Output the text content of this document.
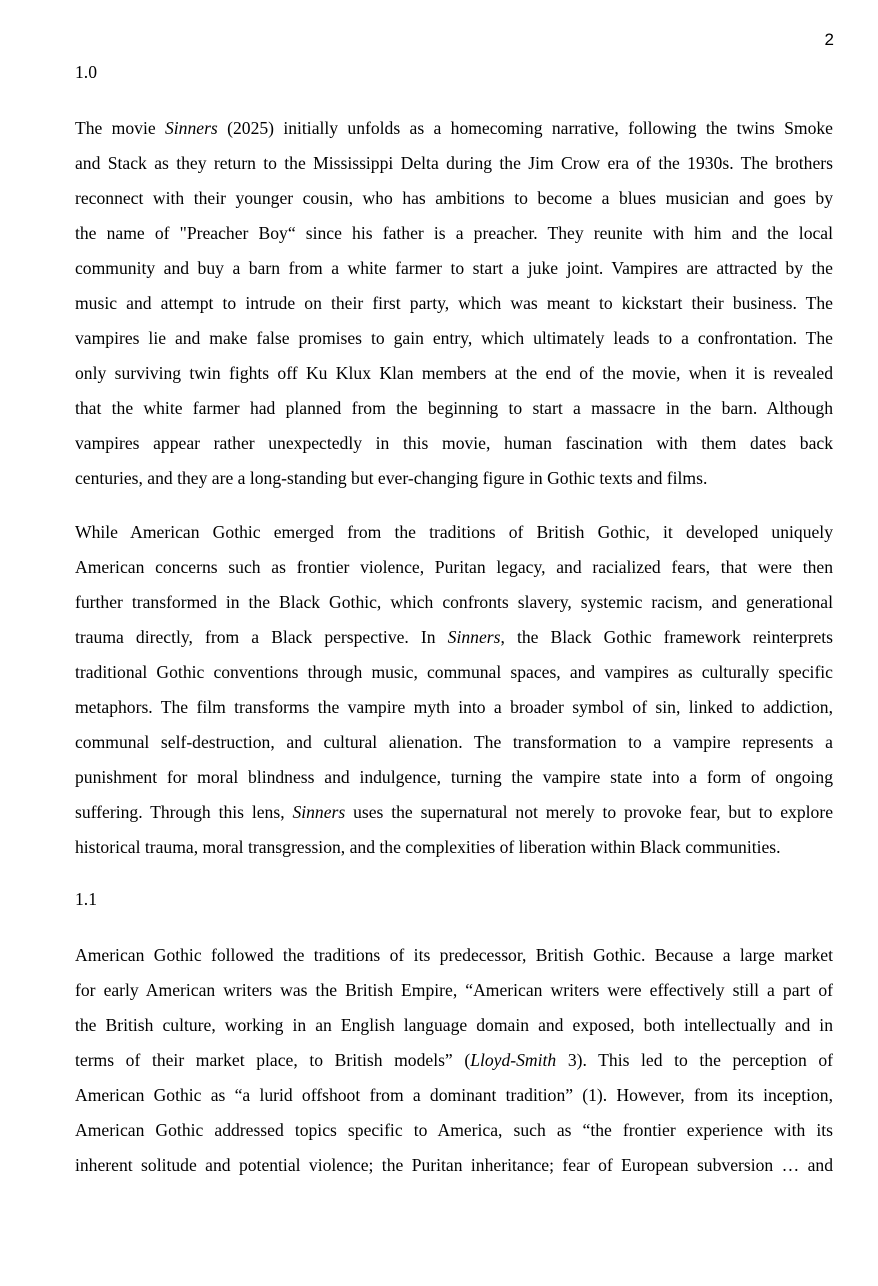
2
1.0
The movie Sinners (2025) initially unfolds as a homecoming narrative, following the twins Smoke
and Stack as they return to the Mississippi Delta during the Jim Crow era of the 1930s. The brothers
reconnect with their younger cousin, who has ambitions to become a blues musician and goes by
the name of "Preacher Boy“ since his father is a preacher. They reunite with him and the local
community and buy a barn from a white farmer to start a juke joint. Vampires are attracted by the
music and attempt to intrude on their first party, which was meant to kickstart their business. The
vampires lie and make false promises to gain entry, which ultimately leads to a confrontation. The
only surviving twin fights off Ku Klux Klan members at the end of the movie, when it is revealed
that the white farmer had planned from the beginning to start a massacre in the barn. Although
vampires appear rather unexpectedly in this movie, human fascination with them dates back
centuries, and they are a long-standing but ever-changing figure in Gothic texts and films.
While American Gothic emerged from the traditions of British Gothic, it developed uniquely
American concerns such as frontier violence, Puritan legacy, and racialized fears, that were then
further transformed in the Black Gothic, which confronts slavery, systemic racism, and generational
trauma directly, from a Black perspective. In Sinners, the Black Gothic framework reinterprets
traditional Gothic conventions through music, communal spaces, and vampires as culturally specific
metaphors. The film transforms the vampire myth into a broader symbol of sin, linked to addiction,
communal self-destruction, and cultural alienation. The transformation to a vampire represents a
punishment for moral blindness and indulgence, turning the vampire state into a form of ongoing
suffering. Through this lens, Sinners uses the supernatural not merely to provoke fear, but to explore
historical trauma, moral transgression, and the complexities of liberation within Black communities.
1.1
American Gothic followed the traditions of its predecessor, British Gothic. Because a large market
for early American writers was the British Empire, “American writers were effectively still a part of
the British culture, working in an English language domain and exposed, both intellectually and in
terms of their market place, to British models” (Lloyd-Smith 3). This led to the perception of
American Gothic as “a lurid offshoot from a dominant tradition” (1). However, from its inception,
American Gothic addressed topics specific to America, such as “the frontier experience with its
inherent solitude and potential violence; the Puritan inheritance; fear of European subversion … and
